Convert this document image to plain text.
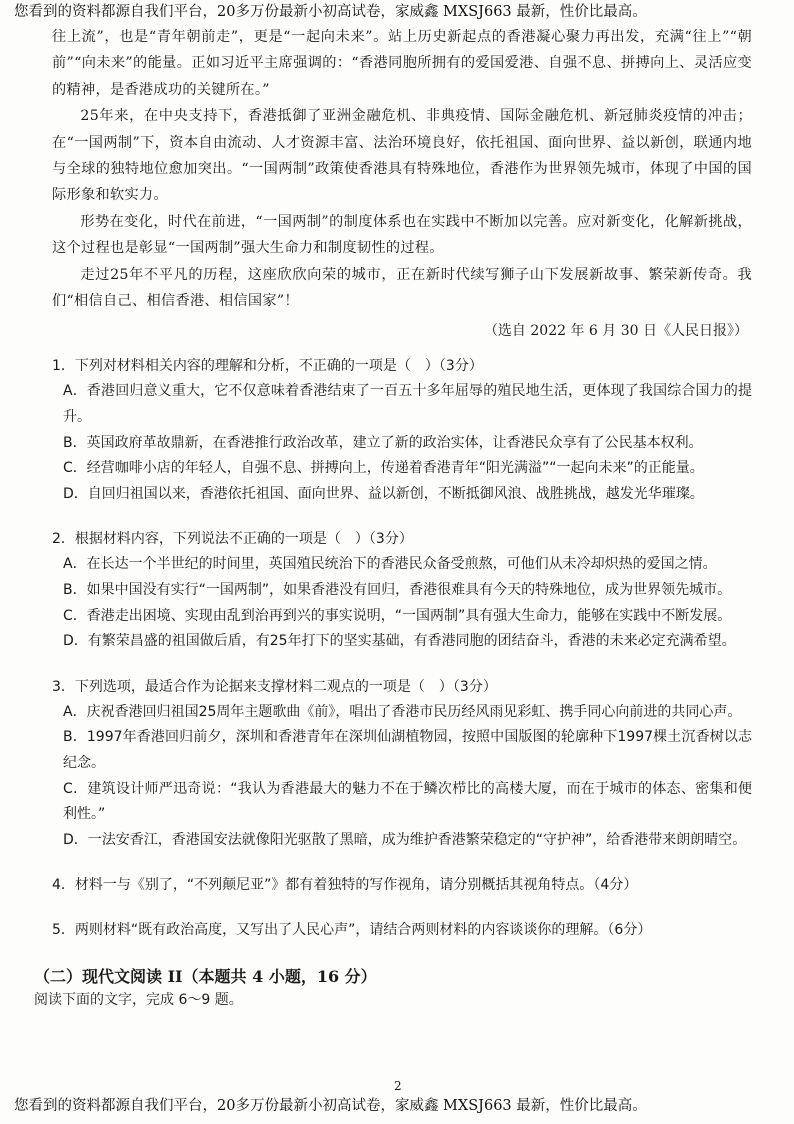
您看到的资料都源自我们平台，20多万份最新小初高试卷，家威鑫 MXSJ663 最新，性价比最高。

往上流”，也是“青年朝前走”，更是“一起向未来”。站上历史新起点的香港凝心聚力再出发，充满“往上”“朝前”“向未来”的能量。正如习近平主席强调的：“香港同胞所拥有的爱国爱港、自强不息、拼搏向上、灵活应变的精神，是香港成功的关键所在。”

25年来，在中央支持下，香港抵御了亚洲金融危机、非典疫情、国际金融危机、新冠肺炎疫情的冲击；在“一国两制”下，资本自由流动、人才资源丰富、法治环境良好，依托祖国、面向世界、益以新创，联通内地与全球的独特地位愈加突出。“一国两制”政策使香港具有特殊地位，香港作为世界领先城市，体现了中国的国际形象和软实力。

形势在变化，时代在前进，“一国两制”的制度体系也在实践中不断加以完善。应对新变化，化解新挑战，这个过程也是彰显“一国两制”强大生命力和制度韧性的过程。

走过25年不平凡的历程，这座欣欣向荣的城市，正在新时代续写狮子山下发展新故事、繁荣新传奇。我们“相信自己、相信香港、相信国家”！

（选自 2022 年 6 月 30 日《人民日报》）

1．下列对材料相关内容的理解和分析，不正确的一项是（　）（3分）

A．香港回归意义重大，它不仅意味着香港结束了一百五十多年屈辱的殖民地生活，更体现了我国综合国力的提升。

B．英国政府革故鼎新，在香港推行政治改革，建立了新的政治实体，让香港民众享有了公民基本权利。

C．经营咖啡小店的年轻人，自强不息、拼搏向上，传递着香港青年“阳光满溢”“一起向未来”的正能量。

D．自回归祖国以来，香港依托祖国、面向世界、益以新创，不断抵御风浪、战胜挑战，越发光华璀璨。

2．根据材料内容，下列说法不正确的一项是（　）（3分）

A．在长达一个半世纪的时间里，英国殖民统治下的香港民众备受煎熬，可他们从未冷却炽热的爱国之情。

B．如果中国没有实行“一国两制”，如果香港没有回归，香港很难具有今天的特殊地位，成为世界领先城市。

C．香港走出困境、实现由乱到治再到兴的事实说明，“一国两制”具有强大生命力，能够在实践中不断发展。

D．有繁荣昌盛的祖国做后盾，有25年打下的坚实基础，有香港同胞的团结奋斗，香港的未来必定充满希望。

3．下列选项，最适合作为论据来支撑材料二观点的一项是（　）（3分）

A．庆祝香港回归祖国25周年主题歌曲《前》，唱出了香港市民历经风雨见彩虹、携手同心向前进的共同心声。

B．1997年香港回归前夕，深圳和香港青年在深圳仙湖植物园，按照中国版图的轮廓种下1997棵土沉香树以志纪念。

C．建筑设计师严迅奇说：“我认为香港最大的魅力不在于鳞次栉比的高楼大厦，而在于城市的体态、密集和便利性。”

D．一法安香江，香港国安法就像阳光驱散了黑暗，成为维护香港繁荣稳定的“守护神”，给香港带来朗朗晴空。

4．材料一与《别了，“不列颠尼亚”》都有着独特的写作视角，请分别概括其视角特点。（4分）

5．两则材料“既有政治高度，又写出了人民心声”，请结合两则材料的内容谈谈你的理解。（6分）

（二）现代文阅读 II（本题共 4 小题，16 分）
阅读下面的文字，完成 6～9 题。
2
您看到的资料都源自我们平台，20多万份最新小初高试卷，家威鑫 MXSJ663 最新，性价比最高。
